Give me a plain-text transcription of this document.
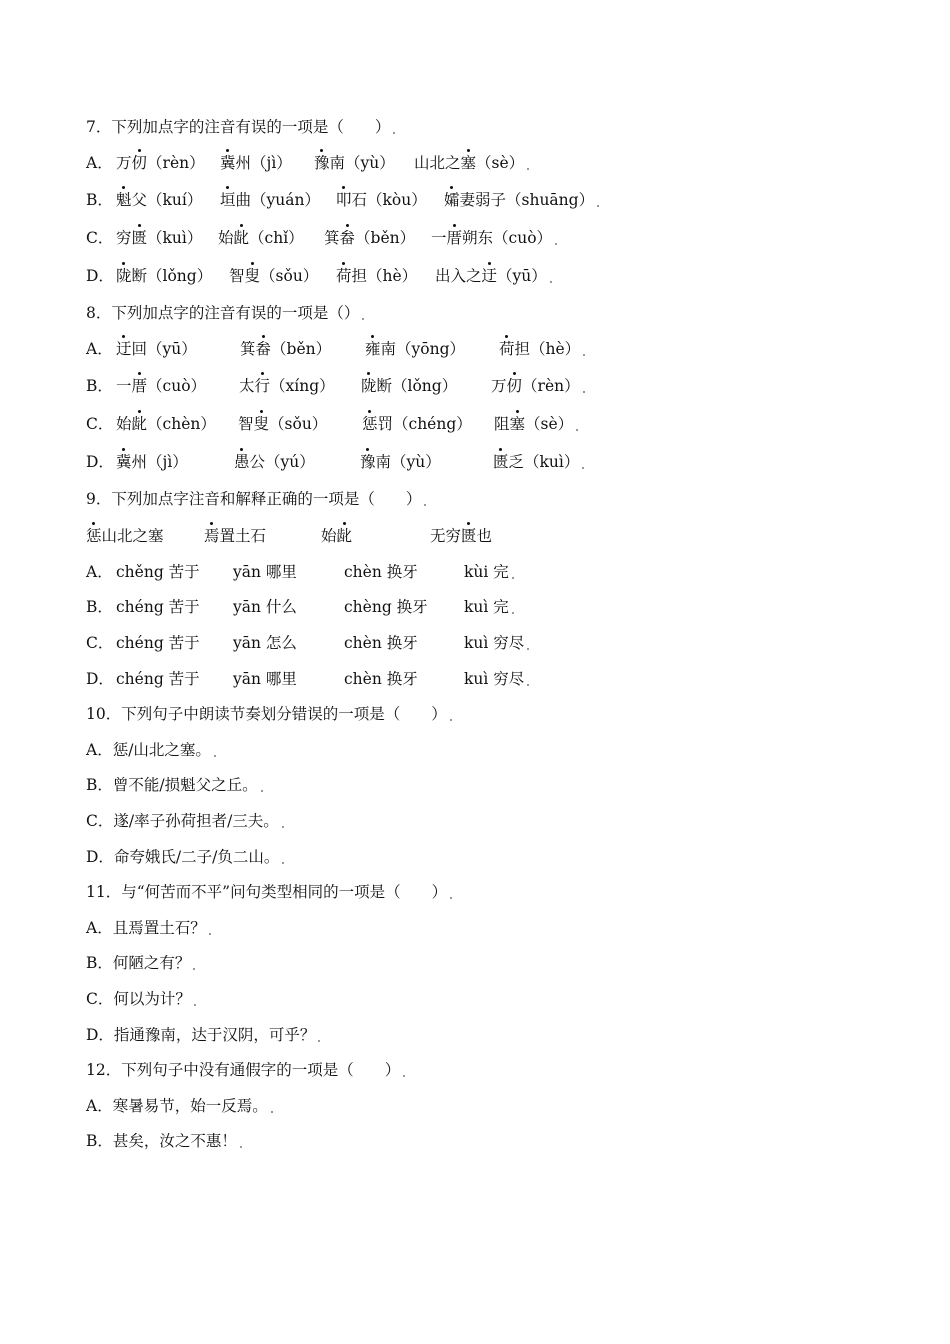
7．下列加点字的注音有误的一项是（　　）
A． 万仞（rèn） 冀州（jì） 豫南（yù） 山北之塞（sè）
B． 魁父（kuí） 垣曲（yuán） 叩石（kòu） 孀妻弱子（shuāng）
C． 穷匮（kuì） 始龀（chǐ） 箕畚（běn） 一厝朔东（cuò）
D． 陇断（lǒng） 智叟（sǒu） 荷担（hè） 出入之迂（yū）
8．下列加点字的注音有误的一项是（）
A． 迂回（yū）	箕畚（běn） 雍南（yōng） 荷担（hè）
B． 一厝（cuò） 太行（xíng） 陇断（lǒng） 万仞（rèn）
C． 始龀（chèn） 智叟（sǒu） 惩罚（chéng） 阻塞（sè）
D． 冀州（jì）	愚公（yú）	豫南（yù）	匮乏（kuì）
9．下列加点字注音和解释正确的一项是（　　）
惩山北之塞	焉置土石	始龀	无穷匮也
A． chěng 苦于 yān 哪里	chèn 换牙	kùi 完
B． chéng 苦于 yān 什么	chèng 换牙 kuì 完
C． chéng 苦于 yān 怎么	chèn 换牙	kuì 穷尽
D． chéng 苦于 yān 哪里	chèn 换牙	kuì 穷尽
10．下列句子中朗读节奏划分错误的一项是（　　）
A．惩/山北之塞。
B．曾不能/损魁父之丘。
C．遂/率子孙荷担者/三夫。
D．命夸娥氏/二子/负二山。
11．与“何苦而不平”问句类型相同的一项是（　　）
A．且焉置土石？
B．何陋之有？
C．何以为计？
D．指通豫南，达于汉阴，可乎？
12．下列句子中没有通假字的一项是（　　）
A．寒暑易节，始一反焉。
B．甚矣，汝之不惠！
